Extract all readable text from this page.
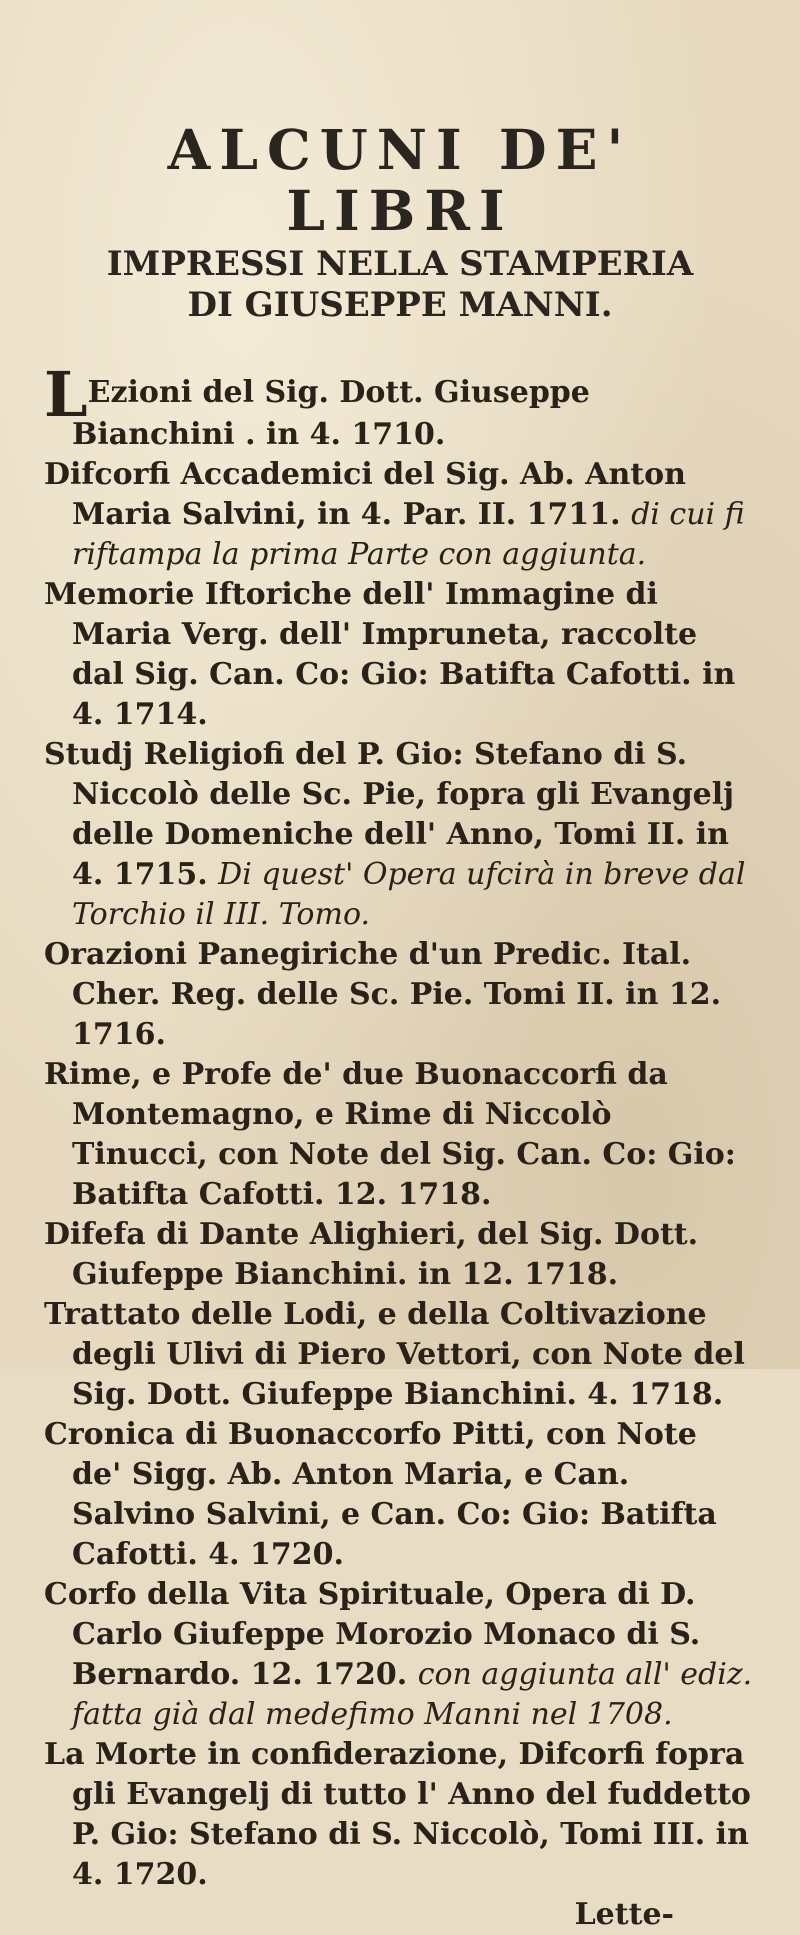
ALCUNI DE' LIBRI
IMPRESSI NELLA STAMPERIA
DI GIUSEPPE MANNI.

LEzioni del Sig. Dott. Giuseppe Bianchini . in 4. 1710.

Difcorfi Accademici del Sig. Ab. Anton Maria Salvini, in 4. Par. II. 1711. di cui fi riftampa la prima Parte con aggiunta.

Memorie Iftoriche dell' Immagine di Maria Verg. dell' Impruneta, raccolte dal Sig. Can. Co: Gio: Batifta Cafotti. in 4. 1714.

Studj Religiofi del P. Gio: Stefano di S. Niccolò delle Sc. Pie, fopra gli Evangelj delle Domeniche dell' Anno, Tomi II. in 4. 1715. Di quest' Opera ufcirà in breve dal Torchio il III. Tomo.

Orazioni Panegiriche d'un Predic. Ital. Cher. Reg. delle Sc. Pie. Tomi II. in 12. 1716.

Rime, e Profe de' due Buonaccorfi da Montemagno, e Rime di Niccolò Tinucci, con Note del Sig. Can. Co: Gio: Batifta Cafotti. 12. 1718.

Difefa di Dante Alighieri, del Sig. Dott. Giufeppe Bianchini. in 12. 1718.

Trattato delle Lodi, e della Coltivazione degli Ulivi di Piero Vettori, con Note del Sig. Dott. Giufeppe Bianchini. 4. 1718.

Cronica di Buonaccorfo Pitti, con Note de' Sigg. Ab. Anton Maria, e Can. Salvino Salvini, e Can. Co: Gio: Batifta Cafotti. 4. 1720.

Corfo della Vita Spirituale, Opera di D. Carlo Giufeppe Morozio Monaco di S. Bernardo. 12. 1720. con aggiunta all' ediz. fatta già dal medefimo Manni nel 1708.

La Morte in confiderazione, Difcorfi fopra gli Evangelj di tutto l' Anno del fuddetto P. Gio: Stefano di S. Niccolò, Tomi III. in 4. 1720.

Lette-
